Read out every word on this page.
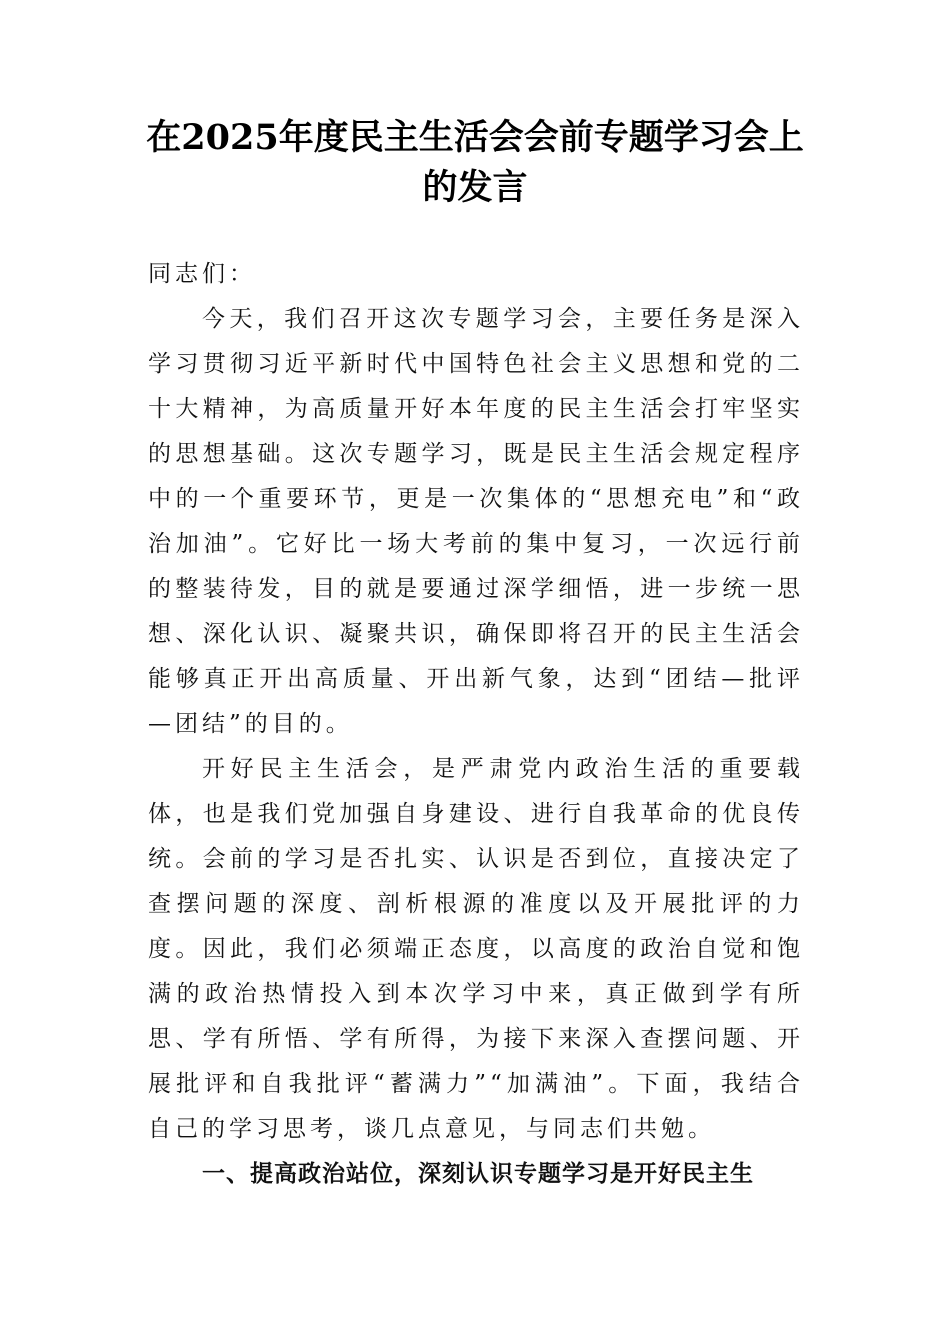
在2025年度民主生活会会前专题学习会上的发言

同志们：

今天，我们召开这次专题学习会，主要任务是深入学习贯彻习近平新时代中国特色社会主义思想和党的二十大精神，为高质量开好本年度的民主生活会打牢坚实的思想基础。这次专题学习，既是民主生活会规定程序中的一个重要环节，更是一次集体的“思想充电”和“政治加油”。它好比一场大考前的集中复习，一次远行前的整装待发，目的就是要通过深学细悟，进一步统一思想、深化认识、凝聚共识，确保即将召开的民主生活会能够真正开出高质量、开出新气象，达到“团结—批评—团结”的目的。

开好民主生活会，是严肃党内政治生活的重要载体，也是我们党加强自身建设、进行自我革命的优良传统。会前的学习是否扎实、认识是否到位，直接决定了查摆问题的深度、剖析根源的准度以及开展批评的力度。因此，我们必须端正态度，以高度的政治自觉和饱满的政治热情投入到本次学习中来，真正做到学有所思、学有所悟、学有所得，为接下来深入查摆问题、开展批评和自我批评“蓄满力”“加满油”。下面，我结合自己的学习思考，谈几点意见，与同志们共勉。

一、提高政治站位，深刻认识专题学习是开好民主生
